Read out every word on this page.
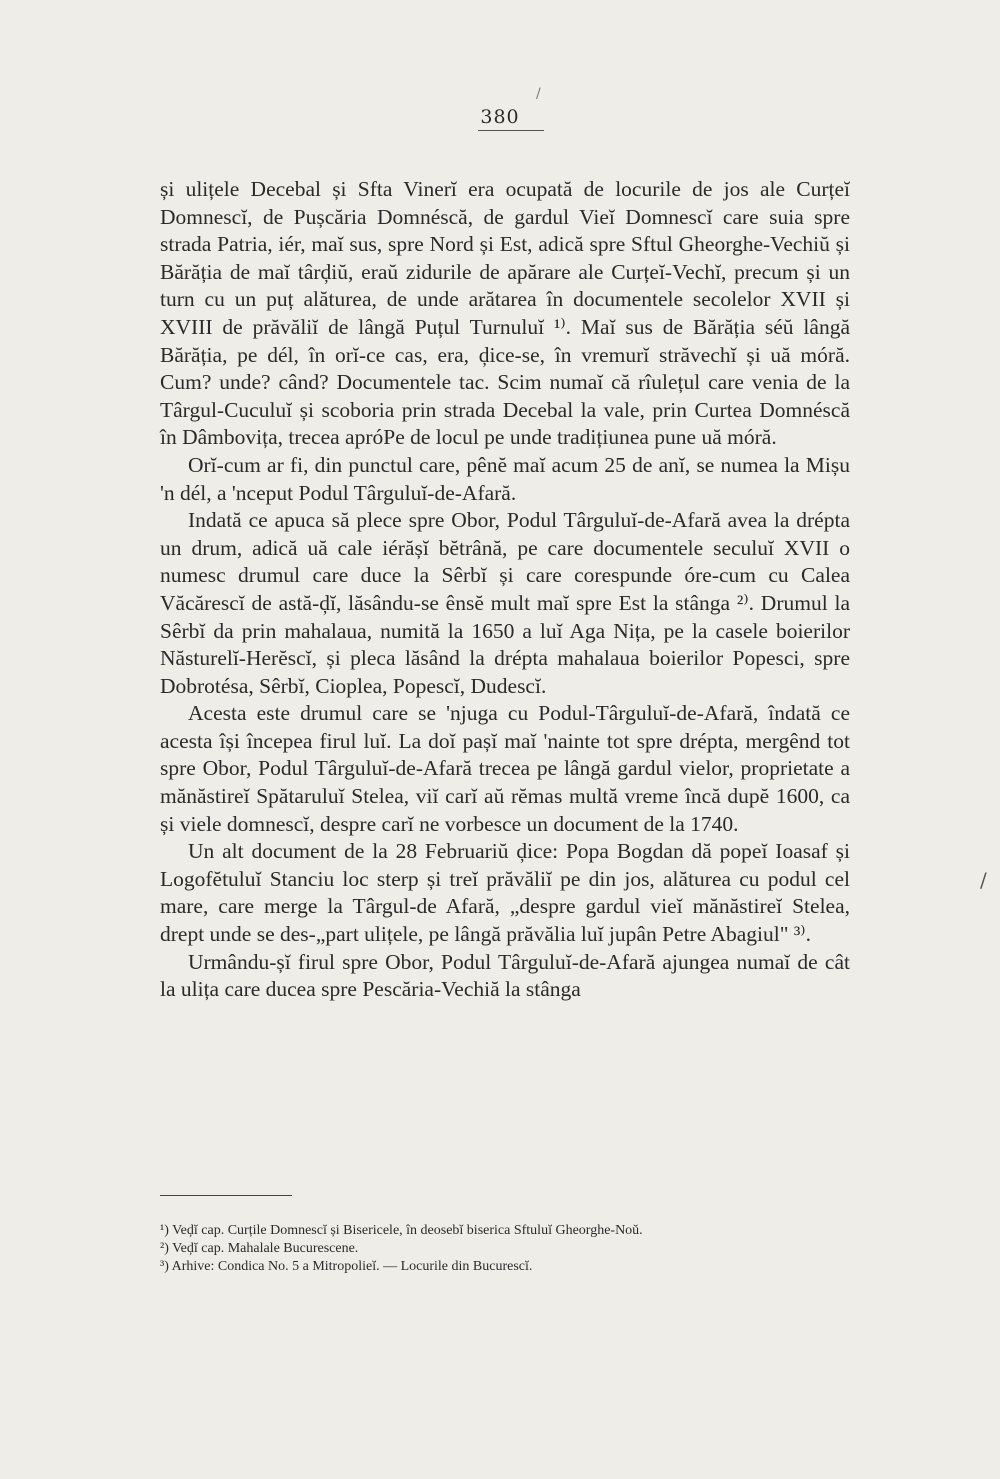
/
380

și ulițele Decebal și Sfta Vinerĭ era ocupată de locurile de jos ale Curțeĭ Domnescĭ, de Pușcăria Domnéscă, de gardul Vieĭ Domnescĭ care suia spre strada Patria, iér, maĭ sus, spre Nord și Est, adică spre Sftul Gheorghe-Vechiŭ și Bărăția de maĭ târḑiŭ, eraŭ zidurile de apărare ale Curțeĭ-Vechĭ, precum și un turn cu un puț alăturea, de unde arătarea în documentele secolelor XVII și XVIII de prăvăliĭ de lângă Puțul Turnuluĭ ¹⁾. Maĭ sus de Bărăția séŭ lângă Bărăția, pe dél, în orĭ-ce cas, era, ḑice-se, în vremurĭ străvechĭ și uă móră. Cum? unde? când? Documentele tac. Scim numaĭ că rîulețul care venia de la Târgul-Cuculuĭ și scoboria prin strada Decebal la vale, prin Curtea Domnéscă în Dâmbovița, trecea apróPe de locul pe unde tradițiunea pune uă móră.

Orĭ-cum ar fi, din punctul care, pênĕ maĭ acum 25 de anĭ, se numea la Mișu 'n dél, a 'nceput Podul Târguluĭ-de-Afară.

Indată ce apuca să plece spre Obor, Podul Târguluĭ-de-Afară avea la drépta un drum, adică uă cale iérășĭ bĕtrână, pe care documentele seculuĭ XVII o numesc drumul care duce la Sêrbĭ și care corespunde óre-cum cu Calea Văcărescĭ de astă-ḑĭ, lăsându-se ênsĕ mult maĭ spre Est la stânga ²⁾. Drumul la Sêrbĭ da prin mahalaua, numită la 1650 a luĭ Aga Nița, pe la casele boierilor Năsturelĭ-Herĕscĭ, și pleca lăsând la drépta mahalaua boierilor Popesci, spre Dobrotésa, Sêrbĭ, Cioplea, Popescĭ, Dudescĭ.

Acesta este drumul care se 'njuga cu Podul-Târguluĭ-de-Afară, îndată ce acesta își începea firul luĭ. La doĭ pașĭ maĭ 'nainte tot spre drépta, mergênd tot spre Obor, Podul Târguluĭ-de-Afară trecea pe lângă gardul vielor, proprietate a mănăstireĭ Spătaruluĭ Stelea, viĭ carĭ aŭ rĕmas multă vreme încă dupĕ 1600, ca și viele domnescĭ, despre carĭ ne vorbesce un document de la 1740.

Un alt document de la 28 Februariŭ ḑice: Popa Bogdan dă popeĭ Ioasaf și Logofĕtuluĭ Stanciu loc sterp și treĭ prăvăliĭ pe din jos, alăturea cu podul cel mare, care merge la Târgul-de Afară, „despre gardul vieĭ mănăstireĭ Stelea, drept unde se des-„part ulițele, pe lângă prăvălia luĭ jupân Petre Abagiul" ³⁾.

Urmându-șĭ firul spre Obor, Podul Târguluĭ-de-Afară ajungea numaĭ de cât la ulița care ducea spre Pescăria-Vechiă la stânga

/
¹) Veḑĭ cap. Curțile Domnescĭ și Bisericele, în deosebĭ biserica Sftuluĭ Gheorghe-Noŭ.
²) Veḑĭ cap. Mahalale Bucurescene.
³) Arhive: Condica No. 5 a Mitropolieĭ. — Locurile din Bucurescĭ.
